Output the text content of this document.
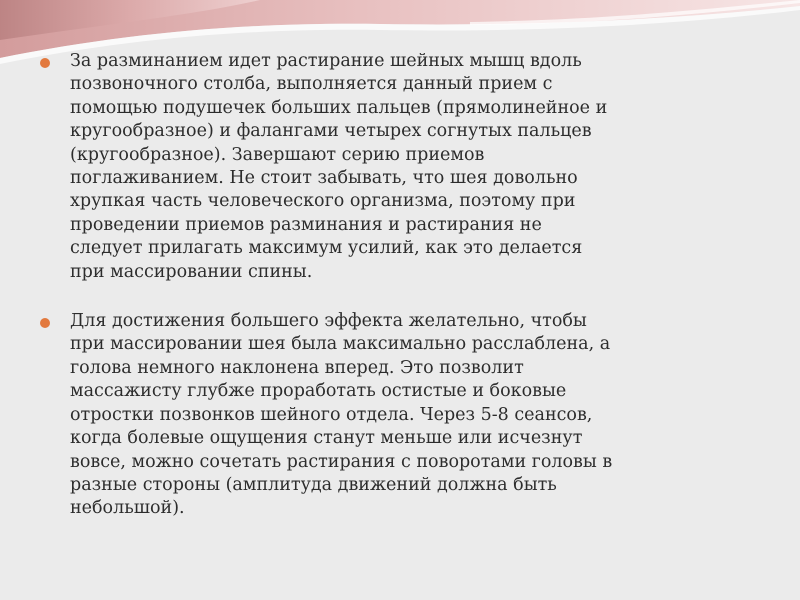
За разминанием идет растирание шейных мышц вдоль
позвоночного столба, выполняется данный прием с
помощью подушечек больших пальцев (прямолинейное и
кругообразное) и фалангами четырех согнутых пальцев
(кругообразное). Завершают серию приемов
поглаживанием. Не стоит забывать, что шея довольно
хрупкая часть человеческого организма, поэтому при
проведении приемов разминания и растирания не
следует прилагать максимум усилий, как это делается
при массировании спины.
Для достижения большего эффекта желательно, чтобы
при массировании шея была максимально расслаблена, а
голова немного наклонена вперед. Это позволит
массажисту глубже проработать остистые и боковые
отростки позвонков шейного отдела. Через 5-8 сеансов,
когда болевые ощущения станут меньше или исчезнут
вовсе, можно сочетать растирания с поворотами головы в
разные стороны (амплитуда движений должна быть
небольшой).
